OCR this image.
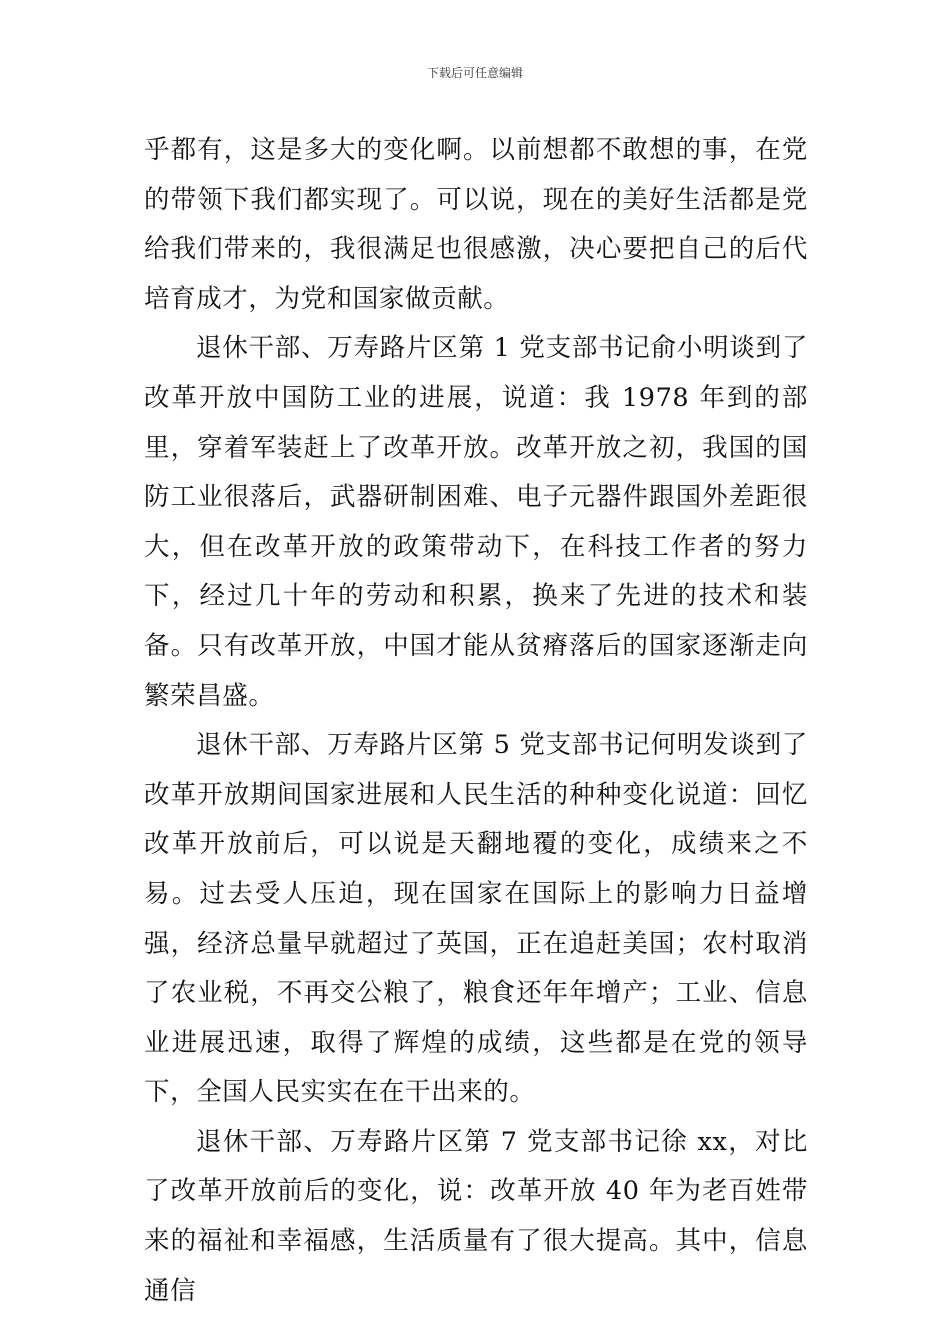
下载后可任意编辑

乎都有，这是多大的变化啊。以前想都不敢想的事，在党的带领下我们都实现了。可以说，现在的美好生活都是党给我们带来的，我很满足也很感激，决心要把自己的后代培育成才，为党和国家做贡献。

退休干部、万寿路片区第 1 党支部书记俞小明谈到了改革开放中国防工业的进展，说道：我 1978 年到的部里，穿着军装赶上了改革开放。改革开放之初，我国的国防工业很落后，武器研制困难、电子元器件跟国外差距很大，但在改革开放的政策带动下，在科技工作者的努力下，经过几十年的劳动和积累，换来了先进的技术和装备。只有改革开放，中国才能从贫瘠落后的国家逐渐走向繁荣昌盛。

退休干部、万寿路片区第 5 党支部书记何明发谈到了改革开放期间国家进展和人民生活的种种变化说道：回忆改革开放前后，可以说是天翻地覆的变化，成绩来之不易。过去受人压迫，现在国家在国际上的影响力日益增强，经济总量早就超过了英国，正在追赶美国；农村取消了农业税，不再交公粮了，粮食还年年增产；工业、信息业进展迅速，取得了辉煌的成绩，这些都是在党的领导下，全国人民实实在在干出来的。

退休干部、万寿路片区第 7 党支部书记徐 xx，对比了改革开放前后的变化，说：改革开放 40 年为老百姓带来的福祉和幸福感，生活质量有了很大提高。其中，信息通信
